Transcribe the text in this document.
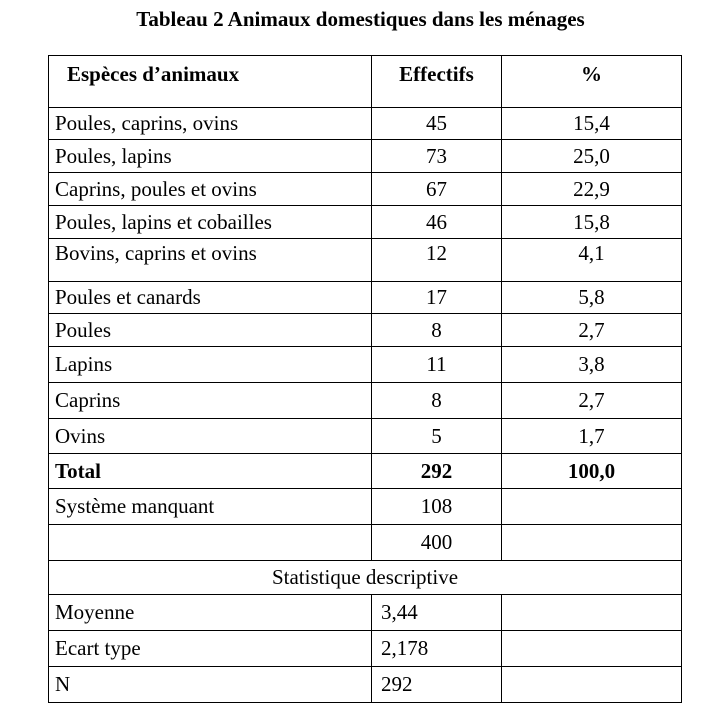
Tableau 2 Animaux domestiques dans les ménages
Espèces d’animaux	Effectifs	%
Poules, caprins, ovins	45	15,4
Poules, lapins	73	25,0
Caprins, poules et ovins	67	22,9
Poules, lapins et cobailles	46	15,8
Bovins, caprins et ovins	12	4,1
Poules et canards	17	5,8
Poules	8	2,7
Lapins	11	3,8
Caprins	8	2,7
Ovins	5	1,7
Total	292	100,0
Système manquant	108	
	400	
Statistique descriptive		
Moyenne	3,44	
Ecart type	2,178	
N	292	
